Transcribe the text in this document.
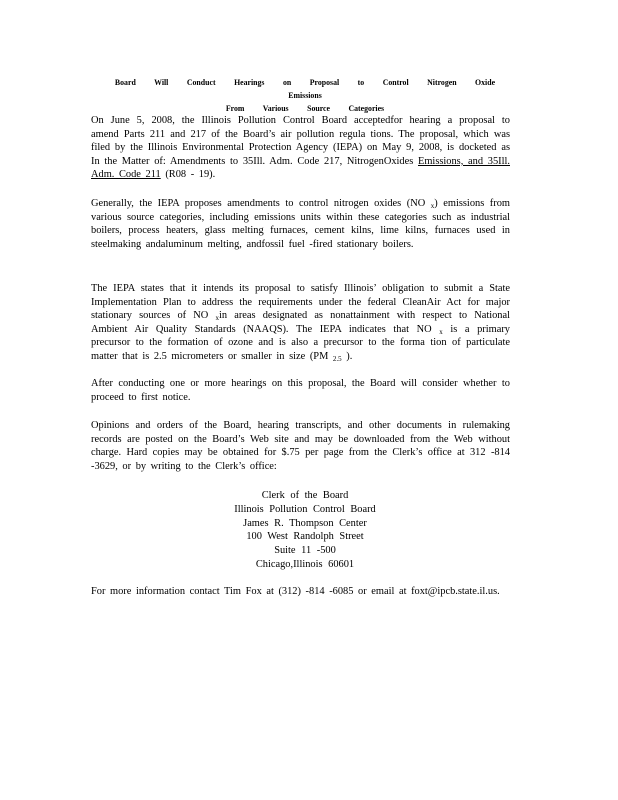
Board Will Conduct Hearings on Proposal to Control Nitrogen Oxide Emissions
From Various Source Categories
On June 5, 2008, the Illinois Pollution Control Board acceptedfor hearing a proposal to amend Parts 211 and 217 of the Board’s air pollution regula tions. The proposal, which was filed by the Illinois Environmental Protection Agency (IEPA) on May 9, 2008, is docketed as In the Matter of: Amendments to 35Ill. Adm. Code 217, NitrogenOxides Emissions, and 35Ill. Adm. Code 211 (R08 - 19).
Generally, the IEPA proposes amendments to control nitrogen oxides (NO $_x$) emissions from various source categories, including emissions units within these categories such as industrial boilers, process heaters, glass melting furnaces, cement kilns, lime kilns, furnaces used in steelmaking andaluminum melting, andfossil fuel -fired stationary boilers.
The IEPA states that it intends its proposal to satisfy Illinois’ obligation to submit a State Implementation Plan to address the requirements under the federal CleanAir Act for major stationary sources of NO $_x$in areas designated as nonattainment with respect to National Ambient Air Quality Standards (NAAQS). The IEPA indicates that NO $_x$ is a primary precursor to the formation of ozone and is also a precursor to the forma tion of particulate matter that is 2.5 micrometers or smaller in size (PM $_{2.5}$ ).
After conducting one or more hearings on this proposal, the Board will consider whether to proceed to first notice.
Opinions and orders of the Board, hearing transcripts, and other documents in rulemaking records are posted on the Board’s Web site and may be downloaded from the Web without charge. Hard copies may be obtained for $.75 per page from the Clerk’s office at 312 -814 -3629, or by writing to the Clerk’s office:
Clerk of the Board
Illinois Pollution Control Board
James R. Thompson Center
100 West Randolph Street
Suite 11 -500
Chicago,Illinois 60601
For more information contact Tim Fox at (312) -814 -6085 or email at foxt@ipcb.state.il.us.
